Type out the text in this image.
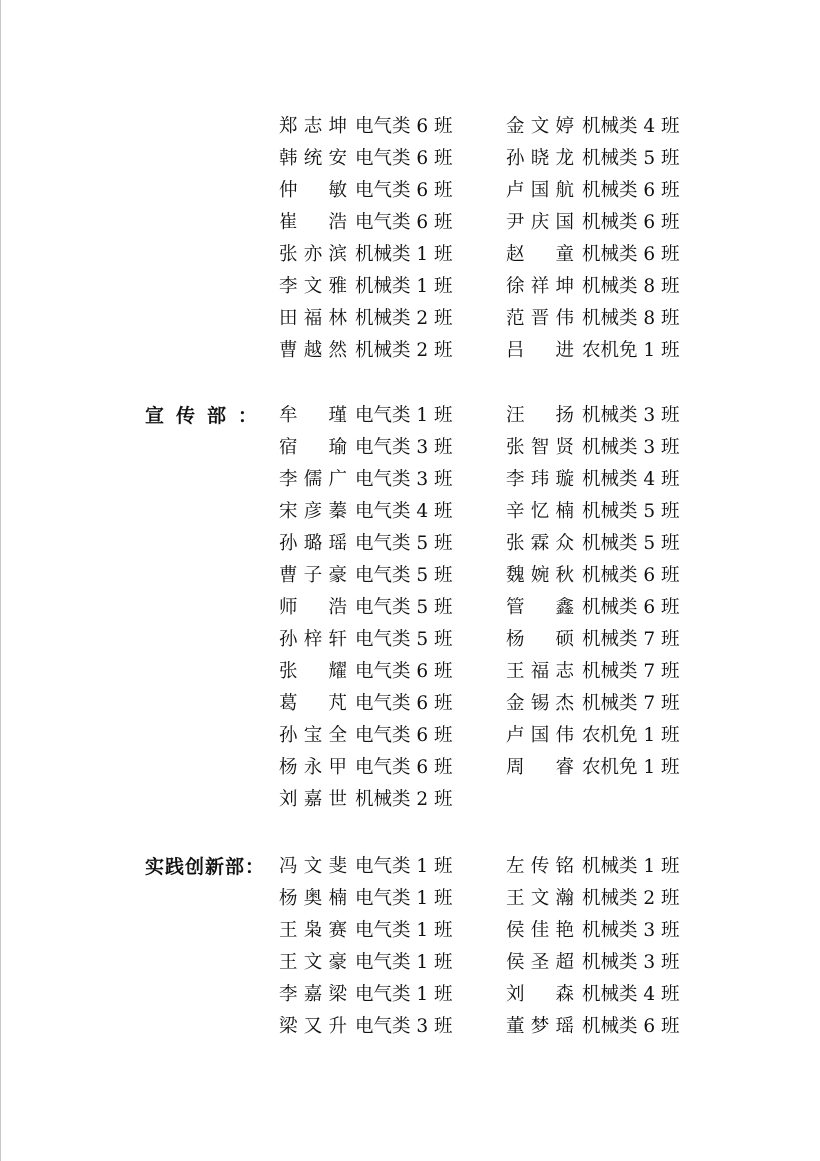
郑志坤 电气类 6 班	金文婷 机械类 4 班
韩统安 电气类 6 班	孙晓龙 机械类 5 班
仲 敏 电气类 6 班	卢国航 机械类 6 班
崔 浩 电气类 6 班	尹庆国 机械类 6 班
张亦滨 机械类 1 班	赵 童 机械类 6 班
李文雅 机械类 1 班	徐祥坤 机械类 8 班
田福林 机械类 2 班	范晋伟 机械类 8 班
曹越然 机械类 2 班	吕 进 农机免 1 班
宣传部： 牟 瑾 电气类 1 班	汪 扬 机械类 3 班
宿 瑜 电气类 3 班	张智贤 机械类 3 班
李儒广 电气类 3 班	李玮璇 机械类 4 班
宋彦蓁 电气类 4 班	辛忆楠 机械类 5 班
孙璐瑶 电气类 5 班	张霖众 机械类 5 班
曹子豪 电气类 5 班	魏婉秋 机械类 6 班
师 浩 电气类 5 班	管 鑫 机械类 6 班
孙梓轩 电气类 5 班	杨 硕 机械类 7 班
张 耀 电气类 6 班	王福志 机械类 7 班
葛 芃 电气类 6 班	金锡杰 机械类 7 班
孙宝全 电气类 6 班	卢国伟 农机免 1 班
杨永甲 电气类 6 班	周 睿 农机免 1 班
刘嘉世 机械类 2 班
实践创新部： 冯文斐 电气类 1 班	左传铭 机械类 1 班
杨奥楠 电气类 1 班	王文瀚 机械类 2 班
王枭赛 电气类 1 班	侯佳艳 机械类 3 班
王文豪 电气类 1 班	侯圣超 机械类 3 班
李嘉梁 电气类 1 班	刘 森 机械类 4 班
梁又升 电气类 3 班	董梦瑶 机械类 6 班
